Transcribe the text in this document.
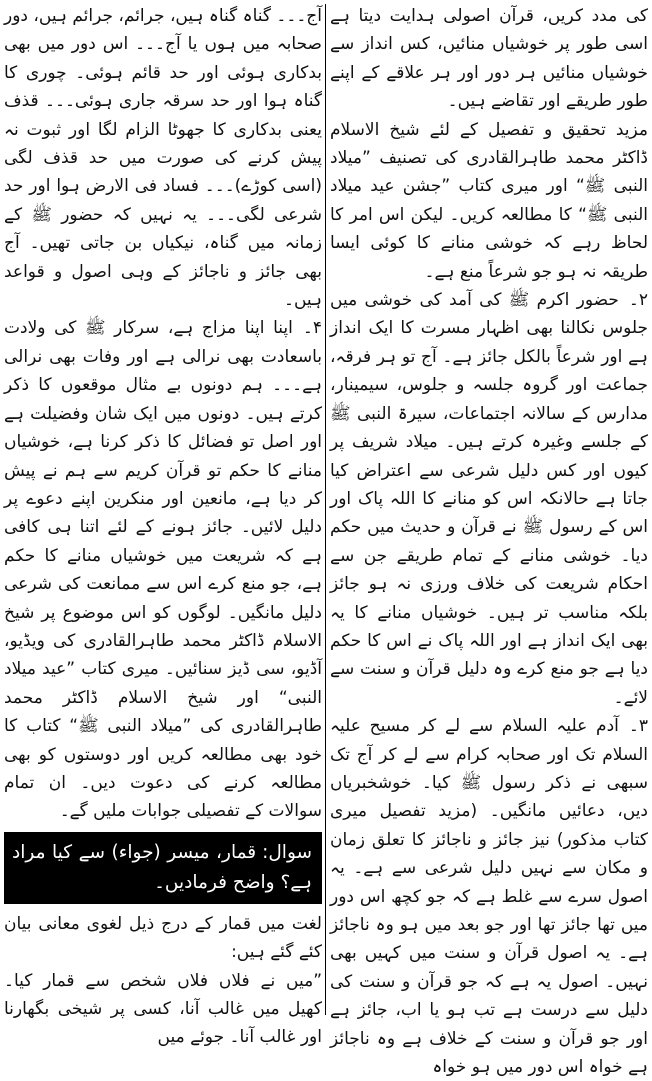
کی مدد کریں، قرآن اصولی ہدایت دیتا ہے اسی طور پر خوشیاں منائیں، کس انداز سے خوشیاں منائیں ہر دور اور ہر علاقے کے اپنے طور طریقے اور تقاضے ہیں۔

مزید تحقیق و تفصیل کے لئے شیخ الاسلام ڈاکٹر محمد طاہرالقادری کی تصنیف ”میلاد النبی ﷺ“ اور میری کتاب ”جشن عید میلاد النبی ﷺ“ کا مطالعہ کریں۔ لیکن اس امر کا لحاظ رہے کہ خوشی منانے کا کوئی ایسا طریقہ نہ ہو جو شرعاً منع ہے۔

۲۔حضور اکرم ﷺ کی آمد کی خوشی میں جلوس نکالنا بھی اظہار مسرت کا ایک انداز ہے اور شرعاً بالکل جائز ہے۔ آج تو ہر فرقہ، جماعت اور گروہ جلسہ و جلوس، سیمینار، مدارس کے سالانہ اجتماعات، سیرۃ النبی ﷺ کے جلسے وغیرہ کرتے ہیں۔ میلاد شریف پر کیوں اور کس دلیل شرعی سے اعتراض کیا جاتا ہے حالانکہ اس کو منانے کا اللہ پاک اور اس کے رسول ﷺ نے قرآن و حدیث میں حکم دیا۔ خوشی منانے کے تمام طریقے جن سے احکام شریعت کی خلاف ورزی نہ ہو جائز بلکہ مناسب تر ہیں۔ خوشیاں منانے کا یہ بھی ایک انداز ہے اور اللہ پاک نے اس کا حکم دیا ہے جو منع کرے وہ دلیل قرآن و سنت سے لائے۔

۳۔آدم علیہ السلام سے لے کر مسیح علیہ السلام تک اور صحابہ کرام سے لے کر آج تک سبھی نے ذکر رسول ﷺ کیا۔ خوشخبریاں دیں، دعائیں مانگیں۔ (مزید تفصیل میری کتاب مذکور) نیز جائز و ناجائز کا تعلق زمان و مکان سے نہیں دلیل شرعی سے ہے۔ یہ اصول سرے سے غلط ہے کہ جو کچھ اس دور میں تھا جائز تھا اور جو بعد میں ہو وہ ناجائز ہے۔ یہ اصول قرآن و سنت میں کہیں بھی نہیں۔ اصول یہ ہے کہ جو قرآن و سنت کی دلیل سے درست ہے تب ہو یا اب، جائز ہے اور جو قرآن و سنت کے خلاف ہے وہ ناجائز ہے خواہ اس دور میں ہو خواہ

آج۔۔۔ گناہ گناہ ہیں، جرائم، جرائم ہیں، دور صحابہ میں ہوں یا آج۔۔۔ اس دور میں بھی بدکاری ہوئی اور حد قائم ہوئی۔ چوری کا گناہ ہوا اور حد سرقہ جاری ہوئی۔۔۔ قذف یعنی بدکاری کا جھوٹا الزام لگا اور ثبوت نہ پیش کرنے کی صورت میں حد قذف لگی (اسی کوڑے)۔۔۔ فساد فی الارض ہوا اور حد شرعی لگی۔۔۔ یہ نہیں کہ حضور ﷺ کے زمانہ میں گناہ، نیکیاں بن جاتی تھیں۔ آج بھی جائز و ناجائز کے وہی اصول و قواعد ہیں۔

۴۔اپنا اپنا مزاج ہے، سرکار ﷺ کی ولادت باسعادت بھی نرالی ہے اور وفات بھی نرالی ہے۔۔۔ ہم دونوں بے مثال موقعوں کا ذکر کرتے ہیں۔ دونوں میں ایک شان وفضیلت ہے اور اصل تو فضائل کا ذکر کرنا ہے، خوشیاں منانے کا حکم تو قرآن کریم سے ہم نے پیش کر دیا ہے، مانعین اور منکرین اپنے دعوے پر دلیل لائیں۔ جائز ہونے کے لئے اتنا ہی کافی ہے کہ شریعت میں خوشیاں منانے کا حکم ہے، جو منع کرے اس سے ممانعت کی شرعی دلیل مانگیں۔ لوگوں کو اس موضوع پر شیخ الاسلام ڈاکٹر محمد طاہرالقادری کی ویڈیو، آڈیو، سی ڈیز سنائیں۔ میری کتاب ”عید میلاد النبی“ اور شیخ الاسلام ڈاکٹر محمد طاہرالقادری کی ”میلاد النبی ﷺ“ کتاب کا خود بھی مطالعہ کریں اور دوستوں کو بھی مطالعہ کرنے کی دعوت دیں۔ ان تمام سوالات کے تفصیلی جوابات ملیں گے۔

سوال:قمار، میسر (جواء) سے کیا مراد ہے؟ واضح فرمادیں۔

لغت میں قمار کے درج ذیل لغوی معانی بیان کئے گئے ہیں:

”میں نے فلاں فلاں شخص سے قمار کیا۔ کھیل میں غالب آنا، کسی پر شیخی بگھارنا اور غالب آنا۔ جوئے میں
